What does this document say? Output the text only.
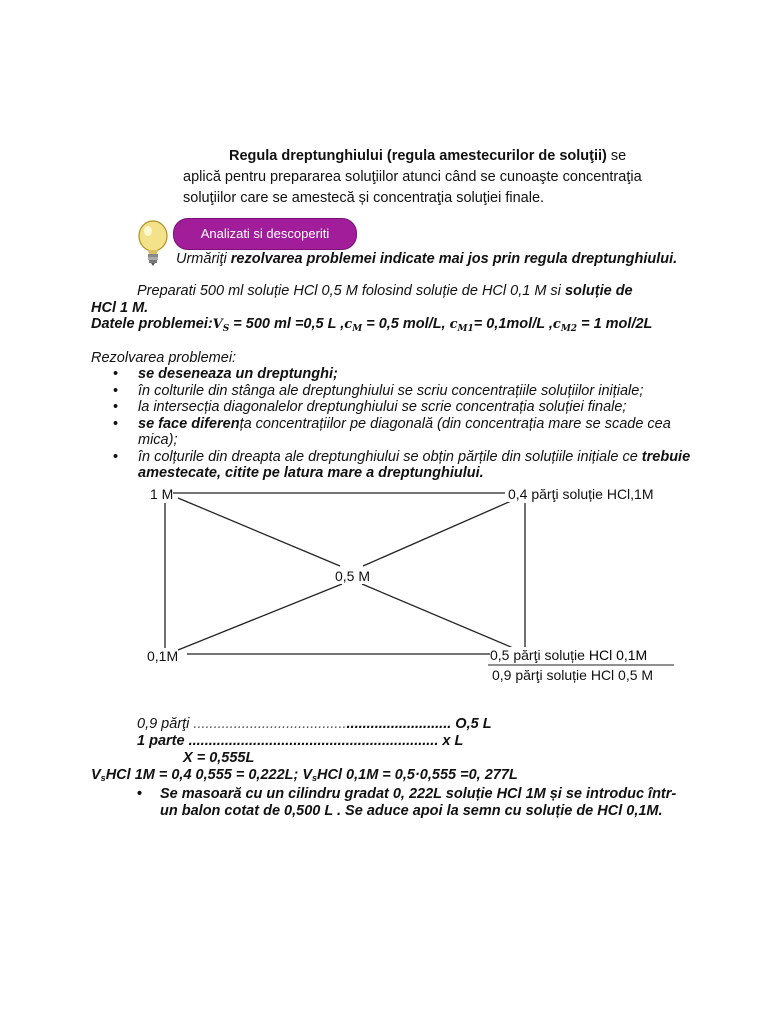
Regula dreptunghiului (regula amestecurilor de soluţii) se
aplică pentru prepararea soluţiilor atunci când se cunoaşte concentraţia
soluţiilor care se amestecă și concentraţia soluţiei finale.
Analizati si descoperiti
Urmăriţi rezolvarea problemei indicate mai jos prin regula dreptunghiului.
Preparati 500 ml soluție HCl 0,5 M folosind soluție de HCl 0,1 M si soluție de
HCl 1 M.
Datele $problemei:V_S = 500$ ml =0,5 L $,c_M = 0,5$ mol/L, $c_{M1}= 0,1mol/L$ $,c_{M2} = 1$ mol/2L
Rezolvarea problemei:
• se deseneaza un dreptunghi;
• în colturile din stânga ale dreptunghiului se scriu concentrațiile soluțiilor inițiale;
• la intersecția diagonalelor dreptunghiului se scrie concentrația soluției finale;
• se face diferența concentrațiilor pe diagonală (din concentrația mare se scade cea mica);
• în colțurile din dreapta ale dreptunghiului se obțin părțile din soluțiile inițiale ce trebuie amestecate, citite pe latura mare a dreptunghiului.
1 M	0,4 părţi soluție HCl,1M
0,5 M
0,1M	0,5 părţi soluție HCl 0,1M
0,9 părţi soluție HCl 0,5 M
0,9 părţi ................................................................ O,5 L
1 parte .............................................................. x L
X = 0,555L
$V_sHCl$ 1M = 0,4 0,555 = 0,222L; $V_sHCl$ 0,1M = 0,5·0,555 =0, 277L
• Se masoară cu un cilindru gradat 0, 222L soluție HCl 1M și se introduc într-un balon cotat de 0,500 L . Se aduce apoi la semn cu soluție de HCl 0,1M.
